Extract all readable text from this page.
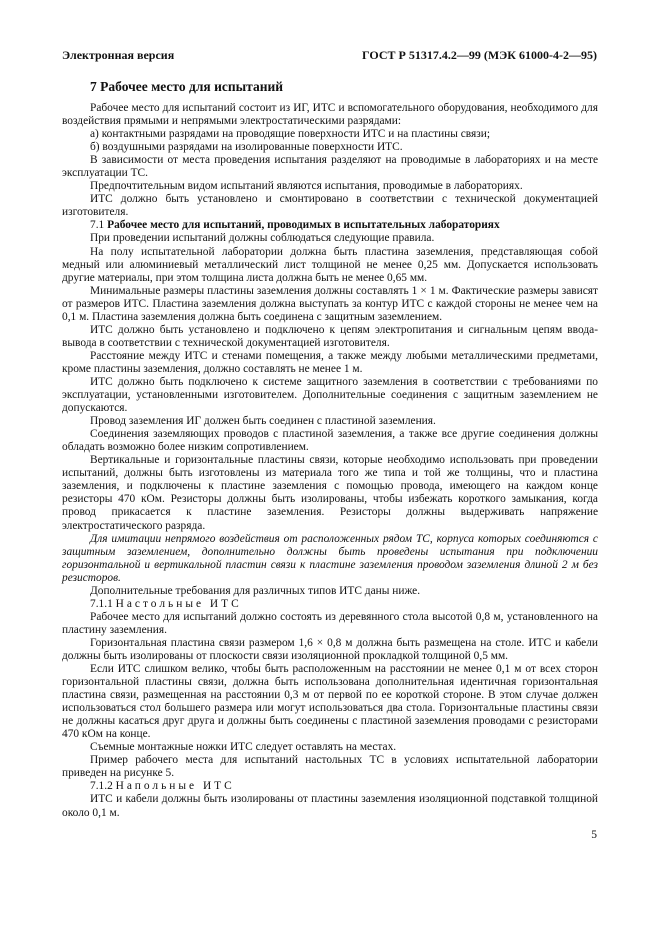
Электронная версия	ГОСТ Р 51317.4.2—99 (МЭК 61000-4-2—95)
7 Рабочее место для испытаний

Рабочее место для испытаний состоит из ИГ, ИТС и вспомогательного оборудования, необходимого для воздействия прямыми и непрямыми электростатическими разрядами:

а) контактными разрядами на проводящие поверхности ИТС и на пластины связи;

б) воздушными разрядами на изолированные поверхности ИТС.

В зависимости от места проведения испытания разделяют на проводимые в лабораториях и на месте эксплуатации ТС.

Предпочтительным видом испытаний являются испытания, проводимые в лабораториях.

ИТС должно быть установлено и смонтировано в соответствии с технической документацией изготовителя.

7.1 Рабочее место для испытаний, проводимых в испытательных лабораториях

При проведении испытаний должны соблюдаться следующие правила.

На полу испытательной лаборатории должна быть пластина заземления, представляющая собой медный или алюминиевый металлический лист толщиной не менее 0,25 мм. Допускается использовать другие материалы, при этом толщина листа должна быть не менее 0,65 мм.

Минимальные размеры пластины заземления должны составлять 1 × 1 м. Фактические размеры зависят от размеров ИТС. Пластина заземления должна выступать за контур ИТС с каждой стороны не менее чем на 0,1 м. Пластина заземления должна быть соединена с защитным заземлением.

ИТС должно быть установлено и подключено к цепям электропитания и сигнальным цепям ввода-вывода в соответствии с технической документацией изготовителя.

Расстояние между ИТС и стенами помещения, а также между любыми металлическими предметами, кроме пластины заземления, должно составлять не менее 1 м.

ИТС должно быть подключено к системе защитного заземления в соответствии с требованиями по эксплуатации, установленными изготовителем. Дополнительные соединения с защитным заземлением не допускаются.

Провод заземления ИГ должен быть соединен с пластиной заземления.

Соединения заземляющих проводов с пластиной заземления, а также все другие соединения должны обладать возможно более низким сопротивлением.

Вертикальные и горизонтальные пластины связи, которые необходимо использовать при проведении испытаний, должны быть изготовлены из материала того же типа и той же толщины, что и пластина заземления, и подключены к пластине заземления с помощью провода, имеющего на каждом конце резисторы 470 кОм. Резисторы должны быть изолированы, чтобы избежать короткого замыкания, когда провод прикасается к пластине заземления. Резисторы должны выдерживать напряжение электростатического разряда.

Для имитации непрямого воздействия от расположенных рядом ТС, корпуса которых соединяются с защитным заземлением, дополнительно должны быть проведены испытания при подключении горизонтальной и вертикальной пластин связи к пластине заземления проводом заземления длиной 2 м без резисторов.

Дополнительные требования для различных типов ИТС даны ниже.

7.1.1 Настольные ИТС

Рабочее место для испытаний должно состоять из деревянного стола высотой 0,8 м, установленного на пластину заземления.

Горизонтальная пластина связи размером 1,6 × 0,8 м должна быть размещена на столе. ИТС и кабели должны быть изолированы от плоскости связи изоляционной прокладкой толщиной 0,5 мм.

Если ИТС слишком велико, чтобы быть расположенным на расстоянии не менее 0,1 м от всех сторон горизонтальной пластины связи, должна быть использована дополнительная идентичная горизонтальная пластина связи, размещенная на расстоянии 0,3 м от первой по ее короткой стороне. В этом случае должен использоваться стол большего размера или могут использоваться два стола. Горизонтальные пластины связи не должны касаться друг друга и должны быть соединены с пластиной заземления проводами с резисторами 470 кОм на конце.

Съемные монтажные ножки ИТС следует оставлять на местах.

Пример рабочего места для испытаний настольных ТС в условиях испытательной лаборатории приведен на рисунке 5.

7.1.2 Напольные ИТС

ИТС и кабели должны быть изолированы от пластины заземления изоляционной подставкой толщиной около 0,1 м.

5
